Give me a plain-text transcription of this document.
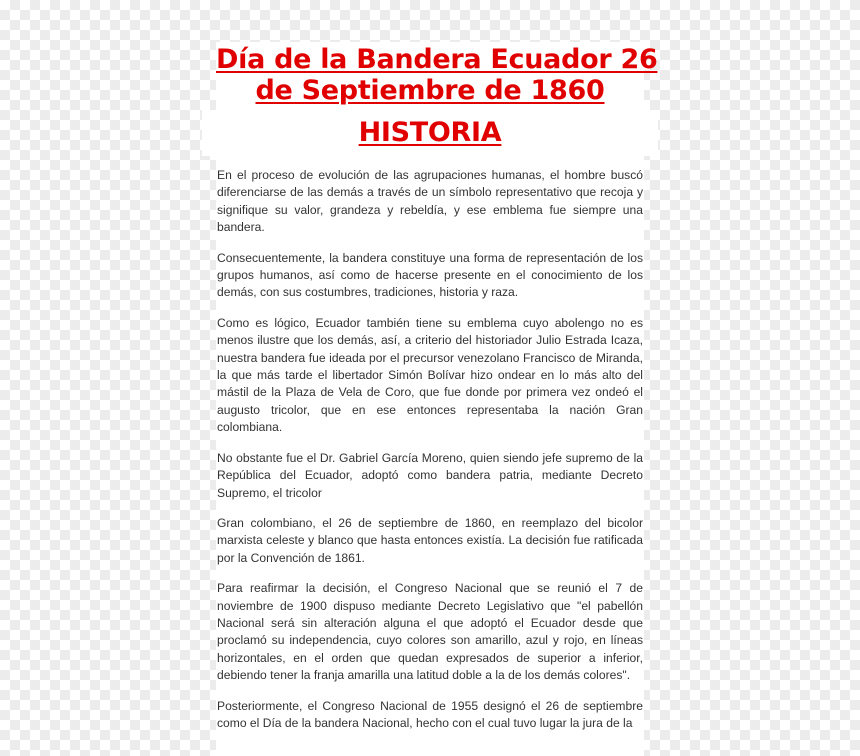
Día de la Bandera Ecuador 26
de Septiembre de 1860
HISTORIA

En el proceso de evolución de las agrupaciones humanas, el hombre buscó diferenciarse de las demás a través de un símbolo representativo que recoja y signifique su valor, grandeza y rebeldía, y ese emblema fue siempre una bandera.

Consecuentemente, la bandera constituye una forma de representación de los grupos humanos, así como de hacerse presente en el conocimiento de los demás, con sus costumbres, tradiciones, historia y raza.

Como es lógico, Ecuador también tiene su emblema cuyo abolengo no es menos ilustre que los demás, así, a criterio del historiador Julio Estrada Icaza, nuestra bandera fue ideada por el precursor venezolano Francisco de Miranda, la que más tarde el libertador Simón Bolívar hizo ondear en lo más alto del mástil de la Plaza de Vela de Coro, que fue donde por primera vez ondeó el augusto tricolor, que en ese entonces representaba la nación Gran colombiana.

No obstante fue el Dr. Gabriel García Moreno, quien siendo jefe supremo de la República del Ecuador, adoptó como bandera patria, mediante Decreto Supremo, el tricolor

Gran colombiano, el 26 de septiembre de 1860, en reemplazo del bicolor marxista celeste y blanco que hasta entonces existía. La decisión fue ratificada por la Convención de 1861.

Para reafirmar la decisión, el Congreso Nacional que se reunió el 7 de noviembre de 1900 dispuso mediante Decreto Legislativo que "el pabellón Nacional será sin alteración alguna el que adoptó el Ecuador desde que proclamó su independencia, cuyo colores son amarillo, azul y rojo, en líneas horizontales, en el orden que quedan expresados de superior a inferior, debiendo tener la franja amarilla una latitud doble a la de los demás colores".

Posteriormente, el Congreso Nacional de 1955 designó el 26 de septiembre como el Día de la bandera Nacional, hecho con el cual tuvo lugar la jura de la
